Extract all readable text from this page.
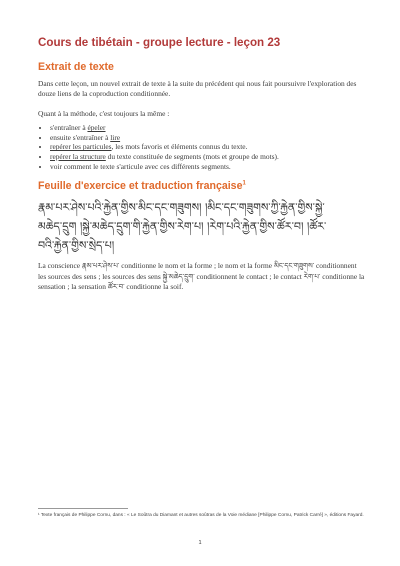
Cours de tibétain - groupe lecture - leçon 23
Extrait de texte

Dans cette leçon, un nouvel extrait de texte à la suite du précédent qui nous fait poursuivre l'exploration des douze liens de la coproduction conditionnée.

Quant à la méthode, c'est toujours la même :

• s'entraîner à épeler
• ensuite s'entraîner à lire
• repérer les particules, les mots favoris et éléments connus du texte.
• repérer la structure du texte constituée de segments (mots et groupe de mots).
• voir comment le texte s'articule avec ces différents segments.
Feuille d'exercice et traduction française$^1$
རྣམ་པར་ཤེས་པའི་རྐྱེན་གྱིས་མིང་དང་གཟུགས། །མིང་དང་གཟུགས་ཀྱི་རྐྱེན་གྱིས་སྐྱེ་
མཆེད་དྲུག །སྐྱེ་མཆེད་དྲུག་གི་རྐྱེན་གྱིས་རེག་པ། །རེག་པའི་རྐྱེན་གྱིས་ཚོར་བ། །ཚོར་
བའི་རྐྱེན་གྱིས་སྲེད་པ།

La conscience རྣམ་པར་ཤེས་པ་ conditionne le nom et la forme ; le nom et la forme མིང་དང་གཟུགས་ conditionnent les sources des sens ; les sources des sens སྐྱེ་མཆེད་དྲུག་ conditionnent le contact ; le contact རེག་པ་ conditionne la sensation ; la sensation ཚོར་བ་ conditionne la soif.

¹ Texte français de Philippe Cornu, dans : « Le Soûtra du Diamant et autres soûtras de la Voie médiane [Philippe Cornu, Patrick Carré] », éditions Fayard.
1
